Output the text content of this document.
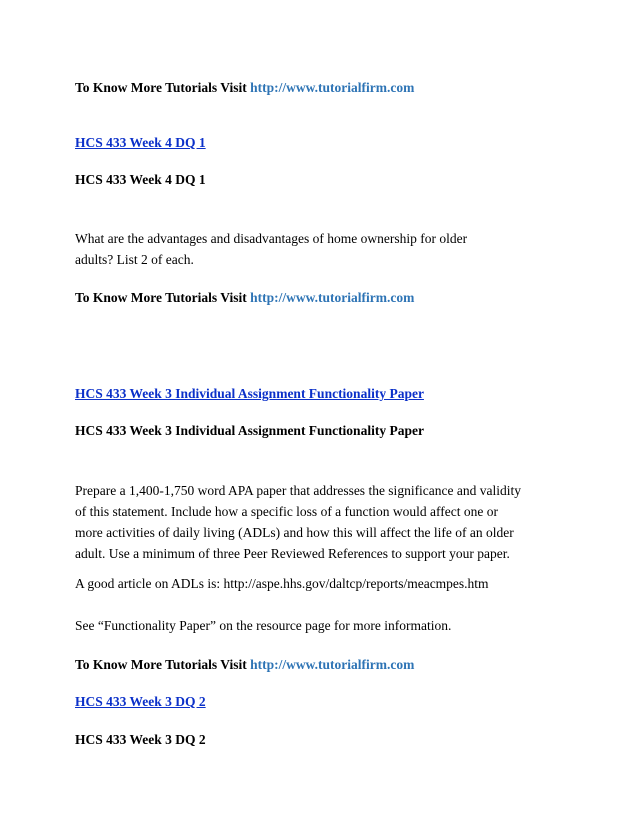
To Know More Tutorials Visit http://www.tutorialfirm.com

HCS 433 Week 4 DQ 1

HCS 433 Week 4 DQ 1

What are the advantages and disadvantages of home ownership for older
adults? List 2 of each.

To Know More Tutorials Visit http://www.tutorialfirm.com

HCS 433 Week 3 Individual Assignment Functionality Paper

HCS 433 Week 3 Individual Assignment Functionality Paper

Prepare a 1,400-1,750 word APA paper that addresses the significance and validity
of this statement. Include how a specific loss of a function would affect one or
more activities of daily living (ADLs) and how this will affect the life of an older
adult. Use a minimum of three Peer Reviewed References to support your paper.

A good article on ADLs is: http://aspe.hhs.gov/daltcp/reports/meacmpes.htm

See “Functionality Paper” on the resource page for more information.

To Know More Tutorials Visit http://www.tutorialfirm.com

HCS 433 Week 3 DQ 2

HCS 433 Week 3 DQ 2
